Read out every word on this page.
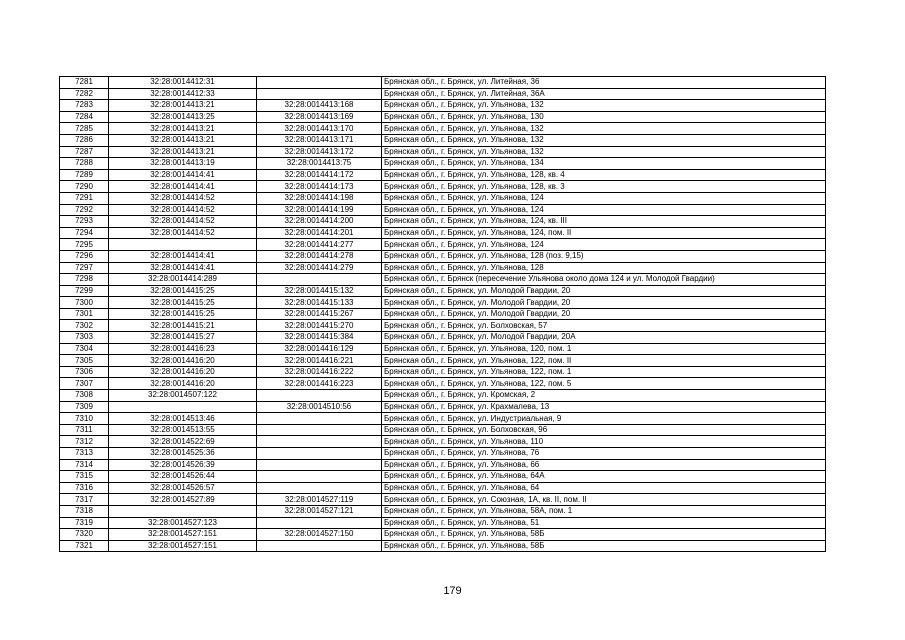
7281	32:28:0014412:31		Брянская обл., г. Брянск, ул. Литейная, 36
7282	32:28:0014412:33		Брянская обл., г. Брянск, ул. Литейная, 36А
7283	32:28:0014413:21	32:28:0014413:168	Брянская обл., г. Брянск, ул. Ульянова, 132
7284	32:28:0014413:25	32:28:0014413:169	Брянская обл., г. Брянск, ул. Ульянова, 130
7285	32:28:0014413:21	32:28:0014413:170	Брянская обл., г. Брянск, ул. Ульянова, 132
7286	32:28:0014413:21	32:28:0014413:171	Брянская обл., г. Брянск, ул. Ульянова, 132
7287	32:28:0014413:21	32:28:0014413:172	Брянская обл., г. Брянск, ул. Ульянова, 132
7288	32:28:0014413:19	32:28:0014413:75	Брянская обл., г. Брянск, ул. Ульянова, 134
7289	32:28:0014414:41	32:28:0014414:172	Брянская обл., г. Брянск, ул. Ульянова, 128, кв. 4
7290	32:28:0014414:41	32:28:0014414:173	Брянская обл., г. Брянск, ул. Ульянова, 128, кв. 3
7291	32:28:0014414:52	32:28:0014414:198	Брянская обл., г. Брянск, ул. Ульянова, 124
7292	32:28:0014414:52	32:28:0014414:199	Брянская обл., г. Брянск, ул. Ульянова, 124
7293	32:28:0014414:52	32:28:0014414:200	Брянская обл., г. Брянск, ул. Ульянова, 124, кв. III
7294	32:28:0014414:52	32:28:0014414:201	Брянская обл., г. Брянск, ул. Ульянова, 124, пом. II
7295		32:28:0014414:277	Брянская обл., г. Брянск, ул. Ульянова, 124
7296	32:28:0014414:41	32:28:0014414:278	Брянская обл., г. Брянск, ул. Ульянова, 128 (поз. 9,15)
7297	32:28:0014414:41	32:28:0014414:279	Брянская обл., г. Брянск, ул. Ульянова, 128
7298	32:28:0014414:289		Брянская обл., г. Брянск (пересечение Ульянова около дома 124 и ул. Молодой Гвардии)
7299	32:28:0014415:25	32:28:0014415:132	Брянская обл., г. Брянск, ул. Молодой Гвардии, 20
7300	32:28:0014415:25	32:28:0014415:133	Брянская обл., г. Брянск, ул. Молодой Гвардии, 20
7301	32:28:0014415:25	32:28:0014415:267	Брянская обл., г. Брянск, ул. Молодой Гвардии, 20
7302	32:28:0014415:21	32:28:0014415:270	Брянская обл., г. Брянск, ул. Болховская, 57
7303	32:28:0014415:27	32:28:0014415:384	Брянская обл., г. Брянск, ул. Молодой Гвардии, 20А
7304	32:28:0014416:23	32:28:0014416:129	Брянская обл., г. Брянск, ул. Ульянова, 120, пом. 1
7305	32:28:0014416:20	32:28:0014416:221	Брянская обл., г. Брянск, ул. Ульянова, 122, пом. II
7306	32:28:0014416:20	32:28:0014416:222	Брянская обл., г. Брянск, ул. Ульянова, 122, пом. 1
7307	32:28:0014416:20	32:28:0014416:223	Брянская обл., г. Брянск, ул. Ульянова, 122, пом. 5
7308	32:28:0014507:122		Брянская обл., г. Брянск, ул. Кромская, 2
7309		32:28:0014510:56	Брянская обл., г. Брянск, ул. Крахмалева, 13
7310	32:28:0014513:46		Брянская обл., г. Брянск, ул. Индустриальная, 9
7311	32:28:0014513:55		Брянская обл., г. Брянск, ул. Болховская, 96
7312	32:28:0014522:69		Брянская обл., г. Брянск, ул. Ульянова, 110
7313	32:28:0014525:36		Брянская обл., г. Брянск, ул. Ульянова, 76
7314	32:28:0014526:39		Брянская обл., г. Брянск, ул. Ульянова, 66
7315	32:28:0014526:44		Брянская обл., г. Брянск, ул. Ульянова, 64А
7316	32:28:0014526:57		Брянская обл., г. Брянск, ул. Ульянова, 64
7317	32:28:0014527:89	32:28:0014527:119	Брянская обл., г. Брянск, ул. Союзная, 1А, кв. II, пом. II
7318		32:28:0014527:121	Брянская обл., г. Брянск, ул. Ульянова, 58А, пом. 1
7319	32:28:0014527:123		Брянская обл., г. Брянск, ул. Ульянова, 51
7320	32:28:0014527:151	32:28:0014527:150	Брянская обл., г. Брянск, ул. Ульянова, 58Б
7321	32:28:0014527:151		Брянская обл., г. Брянск, ул. Ульянова, 58Б
179
